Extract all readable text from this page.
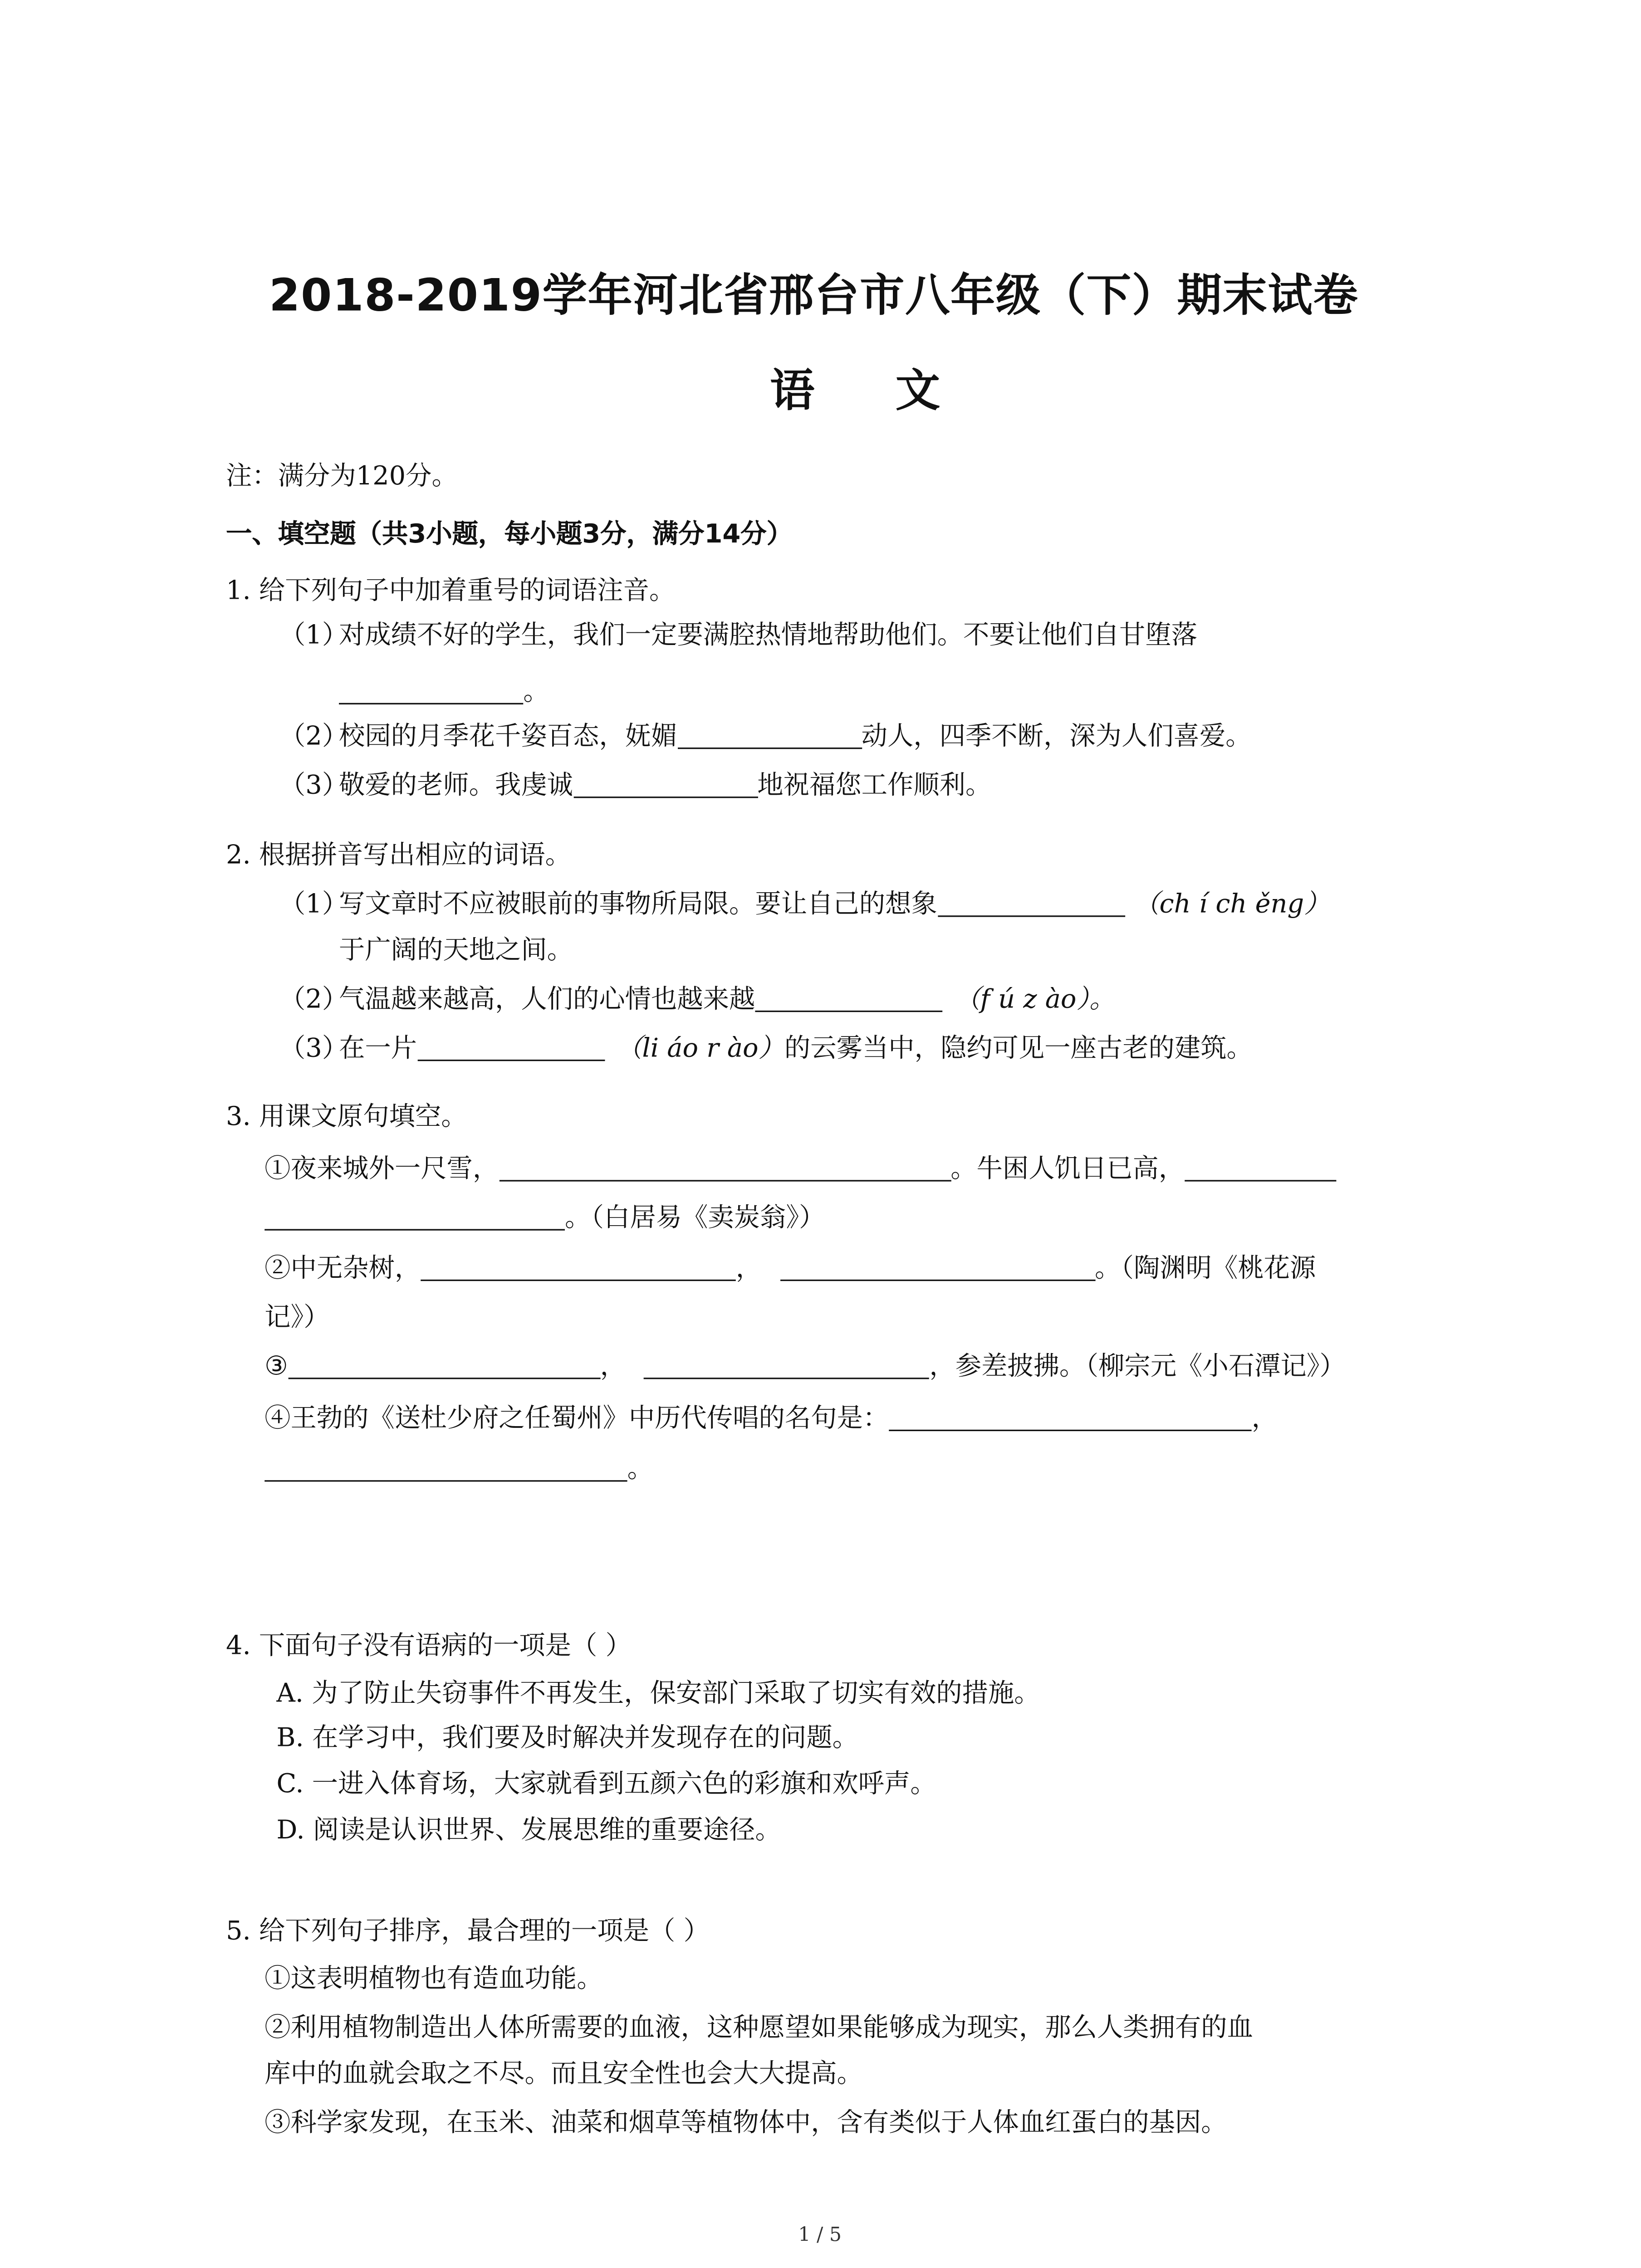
2018-2019学年河北省邢台市八年级（下）期末试卷
语 文
注：满分为120分。
一、填空题（共3小题，每小题3分，满分14分）
1. 给下列句子中加着重号的词语注音。
（1）
对成绩不好的学生，我们一定要满腔热情地帮助他们。不要让他们自甘堕落
。
（2）
校园的月季花千姿百态，妩媚	动人，四季不断，深为人们喜爱。
（3）
敬爱的老师。我虔诚	地祝福您工作顺利。
2. 根据拼音写出相应的词语。
（1）
写文章时不应被眼前的事物所局限。要让自己的想象	（ch í ch ěng）
于广阔的天地之间。
（2）
气温越来越高，人们的心情也越来越	（f ú z ào）。
（3）
在一片	（li áo r ào）的云雾当中，隐约可见一座古老的建筑。
3. 用课文原句填空。
①夜来城外一尺雪，	。牛困人饥日已高，
。（白居易《卖炭翁》）
②中无杂树，	，	。（陶渊明《桃花源
记》）
③	，	，参差披拂。（柳宗元《小石潭记》）
④王勃的《送杜少府之任蜀州》中历代传唱的名句是：	，
。
4. 下面句子没有语病的一项是（ ）
A. 为了防止失窃事件不再发生，保安部门采取了切实有效的措施。
B. 在学习中，我们要及时解决并发现存在的问题。
C. 一进入体育场，大家就看到五颜六色的彩旗和欢呼声。
D. 阅读是认识世界、发展思维的重要途径。
5. 给下列句子排序，最合理的一项是（ ）
①这表明植物也有造血功能。
②利用植物制造出人体所需要的血液，这种愿望如果能够成为现实，那么人类拥有的血
库中的血就会取之不尽。而且安全性也会大大提高。
③科学家发现，在玉米、油菜和烟草等植物体中，含有类似于人体血红蛋白的基因。
1 / 5
